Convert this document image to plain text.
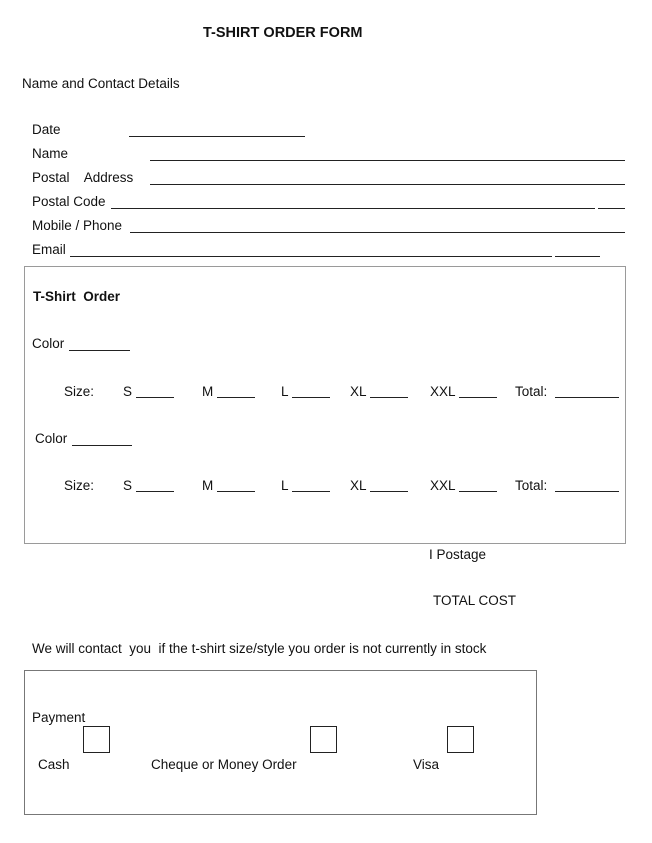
T-SHIRT ORDER FORM
Name and Contact Details
Date
Name
Postal    Address
Postal Code
Mobile / Phone
Email
T-Shirt  Order
Color
Size: S	M	L	XL	XXL	Total:
Color
Size: S	M	L	XL	XXL	Total:
I Postage
TOTAL COST
We will contact  you  if the t-shirt size/style you order is not currently in stock
Payment
Cash	Cheque or Money Order	Visa
